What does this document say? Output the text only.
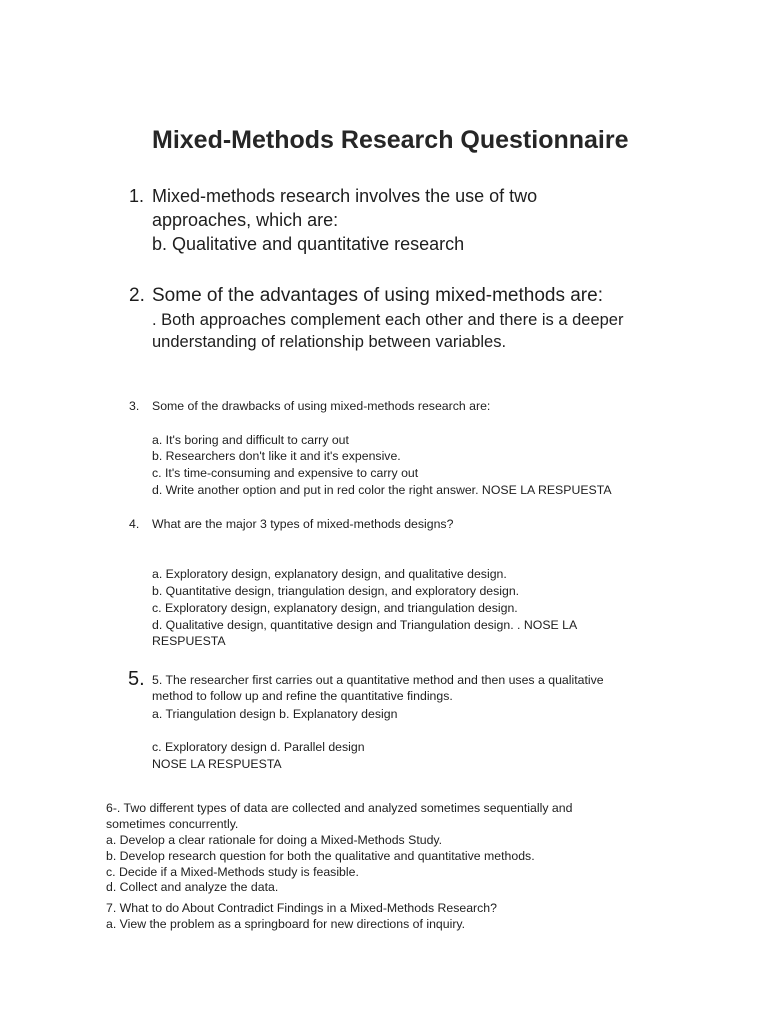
Mixed-Methods Research Questionnaire
1. Mixed-methods research involves the use of two

approaches, which are:

b. Qualitative and quantitative research

2. Some of the advantages of using mixed-methods are:

. Both approaches complement each other and there is a deeper

understanding of relationship between variables.

3. Some of the drawbacks of using mixed-methods research are:

a. It's boring and difficult to carry out

b. Researchers don't like it and it's expensive.

c. It's time-consuming and expensive to carry out

d. Write another option and put in red color the right answer. NOSE LA RESPUESTA

4. What are the major 3 types of mixed-methods designs?

a. Exploratory design, explanatory design, and qualitative design.

b. Quantitative design, triangulation design, and exploratory design.

c. Exploratory design, explanatory design, and triangulation design.

d. Qualitative design, quantitative design and Triangulation design. . NOSE LA

RESPUESTA

5. 5. The researcher first carries out a quantitative method and then uses a qualitative

method to follow up and refine the quantitative findings.

a. Triangulation design b. Explanatory design

c. Exploratory design d. Parallel design

NOSE LA RESPUESTA

6-. Two different types of data are collected and analyzed sometimes sequentially and

sometimes concurrently.

a. Develop a clear rationale for doing a Mixed-Methods Study.

b. Develop research question for both the qualitative and quantitative methods.

c. Decide if a Mixed-Methods study is feasible.

d. Collect and analyze the data.

7. What to do About Contradict Findings in a Mixed-Methods Research?

a. View the problem as a springboard for new directions of inquiry.
